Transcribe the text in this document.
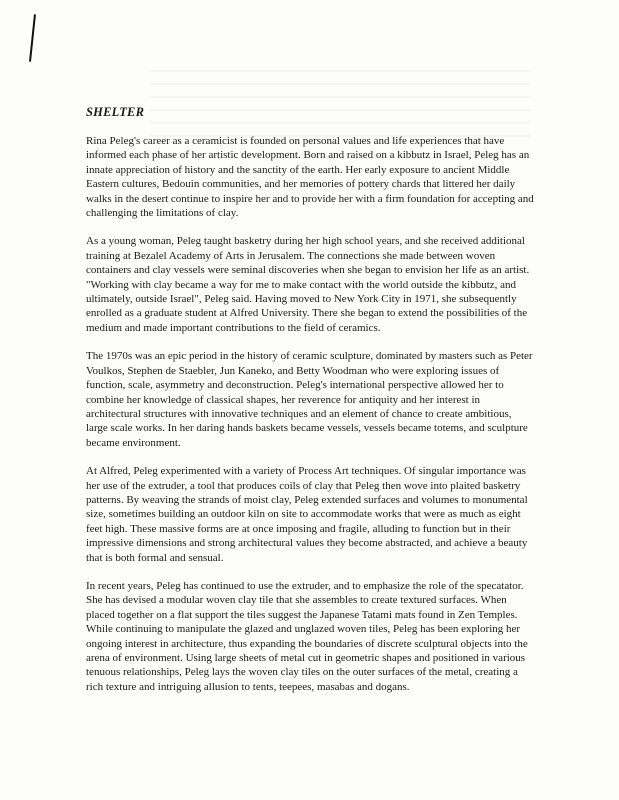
SHELTER

Rina Peleg's career as a ceramicist is founded on personal values and life experiences that have informed each phase of her artistic development. Born and raised on a kibbutz in Israel, Peleg has an innate appreciation of history and the sanctity of the earth. Her early exposure to ancient Middle Eastern cultures, Bedouin communities, and her memories of pottery chards that littered her daily walks in the desert continue to inspire her and to provide her with a firm foundation for accepting and challenging the limitations of clay.

As a young woman, Peleg taught basketry during her high school years, and she received additional training at Bezalel Academy of Arts in Jerusalem. The connections she made between woven containers and clay vessels were seminal discoveries when she began to envision her life as an artist. "Working with clay became a way for me to make contact with the world outside the kibbutz, and ultimately, outside Israel", Peleg said. Having moved to New York City in 1971, she subsequently enrolled as a graduate student at Alfred University. There she began to extend the possibilities of the medium and made important contributions to the field of ceramics.

The 1970s was an epic period in the history of ceramic sculpture, dominated by masters such as Peter Voulkos, Stephen de Staebler, Jun Kaneko, and Betty Woodman who were exploring issues of function, scale, asymmetry and deconstruction. Peleg's international perspective allowed her to combine her knowledge of classical shapes, her reverence for antiquity and her interest in architectural structures with innovative techniques and an element of chance to create ambitious, large scale works. In her daring hands baskets became vessels, vessels became totems, and sculpture became environment.

At Alfred, Peleg experimented with a variety of Process Art techniques. Of singular importance was her use of the extruder, a tool that produces coils of clay that Peleg then wove into plaited basketry patterns. By weaving the strands of moist clay, Peleg extended surfaces and volumes to monumental size, sometimes building an outdoor kiln on site to accommodate works that were as much as eight feet high. These massive forms are at once imposing and fragile, alluding to function but in their impressive dimensions and strong architectural values they become abstracted, and achieve a beauty that is both formal and sensual.

In recent years, Peleg has continued to use the extruder, and to emphasize the role of the specatator. She has devised a modular woven clay tile that she assembles to create textured surfaces. When placed together on a flat support the tiles suggest the Japanese Tatami mats found in Zen Temples. While continuing to manipulate the glazed and unglazed woven tiles, Peleg has been exploring her ongoing interest in architecture, thus expanding the boundaries of discrete sculptural objects into the arena of environment. Using large sheets of metal cut in geometric shapes and positioned in various tenuous relationships, Peleg lays the woven clay tiles on the outer surfaces of the metal, creating a rich texture and intriguing allusion to tents, teepees, masabas and dogans.
